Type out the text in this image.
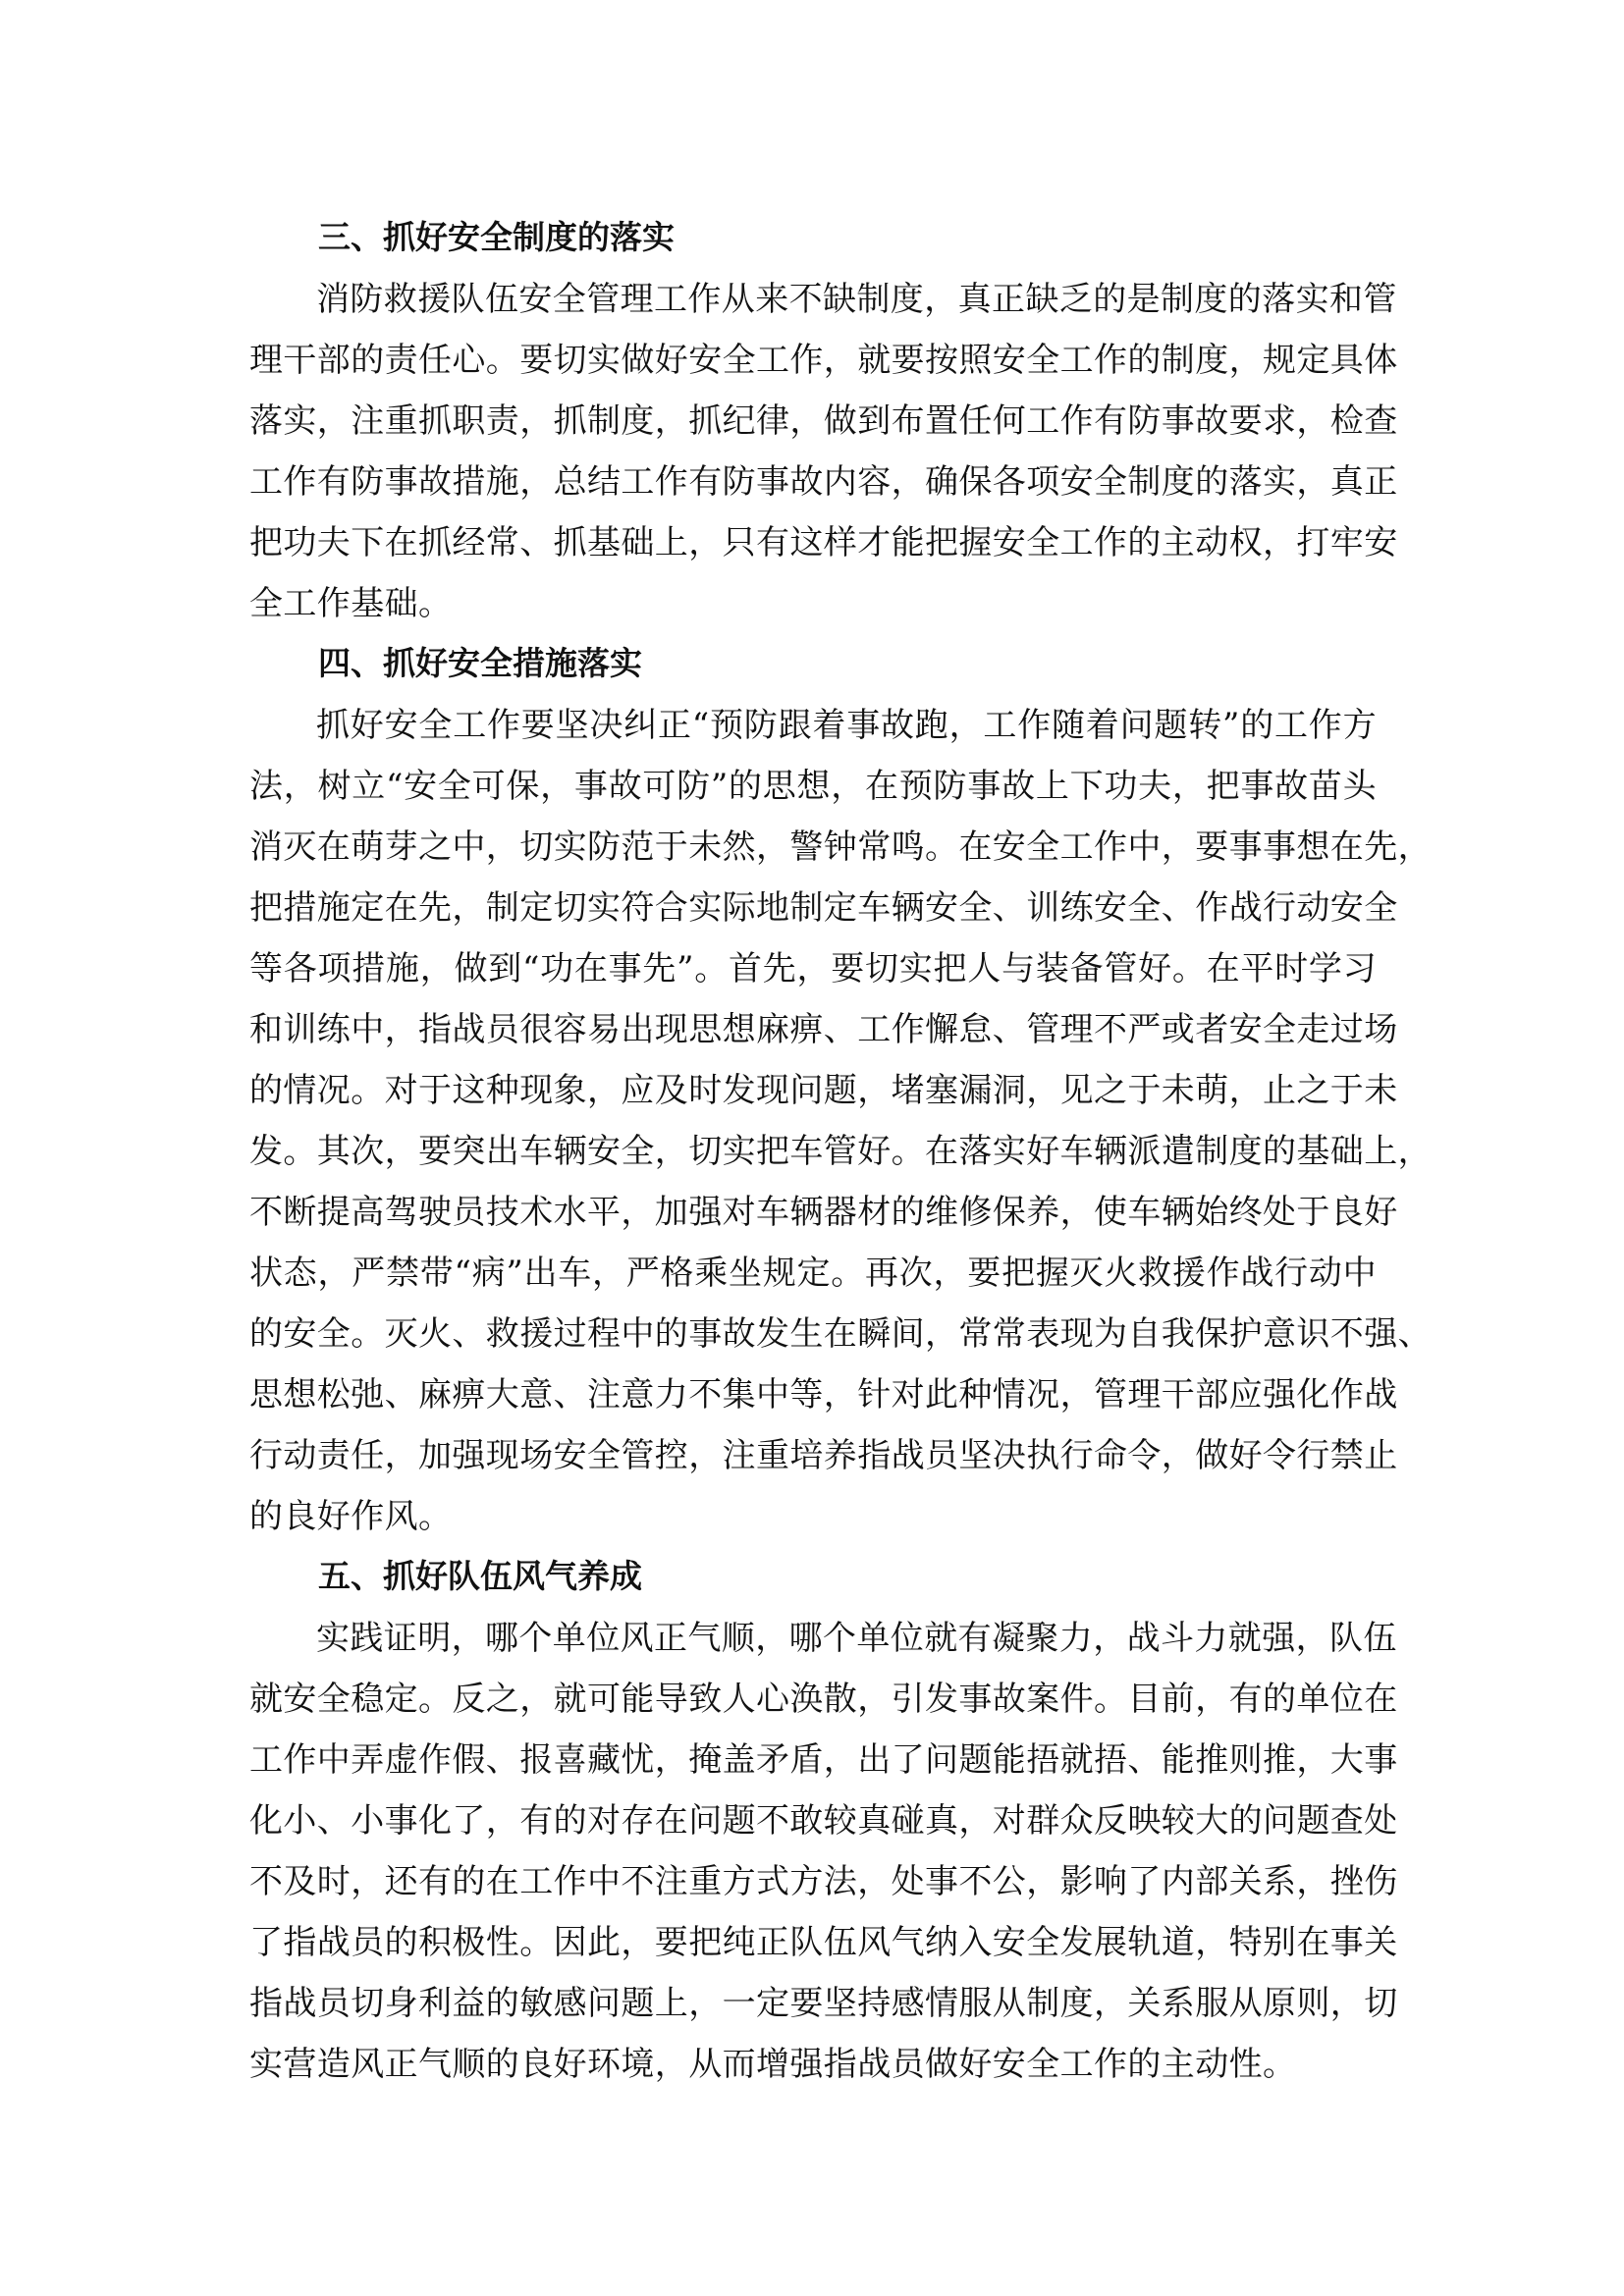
三、抓好安全制度的落实
消防救援队伍安全管理工作从来不缺制度，真正缺乏的是制度的落实和管
理干部的责任心。要切实做好安全工作，就要按照安全工作的制度，规定具体
落实，注重抓职责，抓制度，抓纪律，做到布置任何工作有防事故要求，检查
工作有防事故措施，总结工作有防事故内容，确保各项安全制度的落实，真正
把功夫下在抓经常、抓基础上，只有这样才能把握安全工作的主动权，打牢安
全工作基础。
四、抓好安全措施落实
抓好安全工作要坚决纠正“预防跟着事故跑，工作随着问题转”的工作方
法，树立“安全可保，事故可防”的思想，在预防事故上下功夫，把事故苗头
消灭在萌芽之中，切实防范于未然，警钟常鸣。在安全工作中，要事事想在先，
把措施定在先，制定切实符合实际地制定车辆安全、训练安全、作战行动安全
等各项措施，做到“功在事先”。首先，要切实把人与装备管好。在平时学习
和训练中，指战员很容易出现思想麻痹、工作懈怠、管理不严或者安全走过场
的情况。对于这种现象，应及时发现问题，堵塞漏洞，见之于未萌，止之于未
发。其次，要突出车辆安全，切实把车管好。在落实好车辆派遣制度的基础上，
不断提高驾驶员技术水平，加强对车辆器材的维修保养，使车辆始终处于良好
状态，严禁带“病”出车，严格乘坐规定。再次，要把握灭火救援作战行动中
的安全。灭火、救援过程中的事故发生在瞬间，常常表现为自我保护意识不强、
思想松弛、麻痹大意、注意力不集中等，针对此种情况，管理干部应强化作战
行动责任，加强现场安全管控，注重培养指战员坚决执行命令，做好令行禁止
的良好作风。
五、抓好队伍风气养成
实践证明，哪个单位风正气顺，哪个单位就有凝聚力，战斗力就强，队伍
就安全稳定。反之，就可能导致人心涣散，引发事故案件。目前，有的单位在
工作中弄虚作假、报喜藏忧，掩盖矛盾，出了问题能捂就捂、能推则推，大事
化小、小事化了，有的对存在问题不敢较真碰真，对群众反映较大的问题查处
不及时，还有的在工作中不注重方式方法，处事不公，影响了内部关系，挫伤
了指战员的积极性。因此，要把纯正队伍风气纳入安全发展轨道，特别在事关
指战员切身利益的敏感问题上，一定要坚持感情服从制度，关系服从原则，切
实营造风正气顺的良好环境，从而增强指战员做好安全工作的主动性。
